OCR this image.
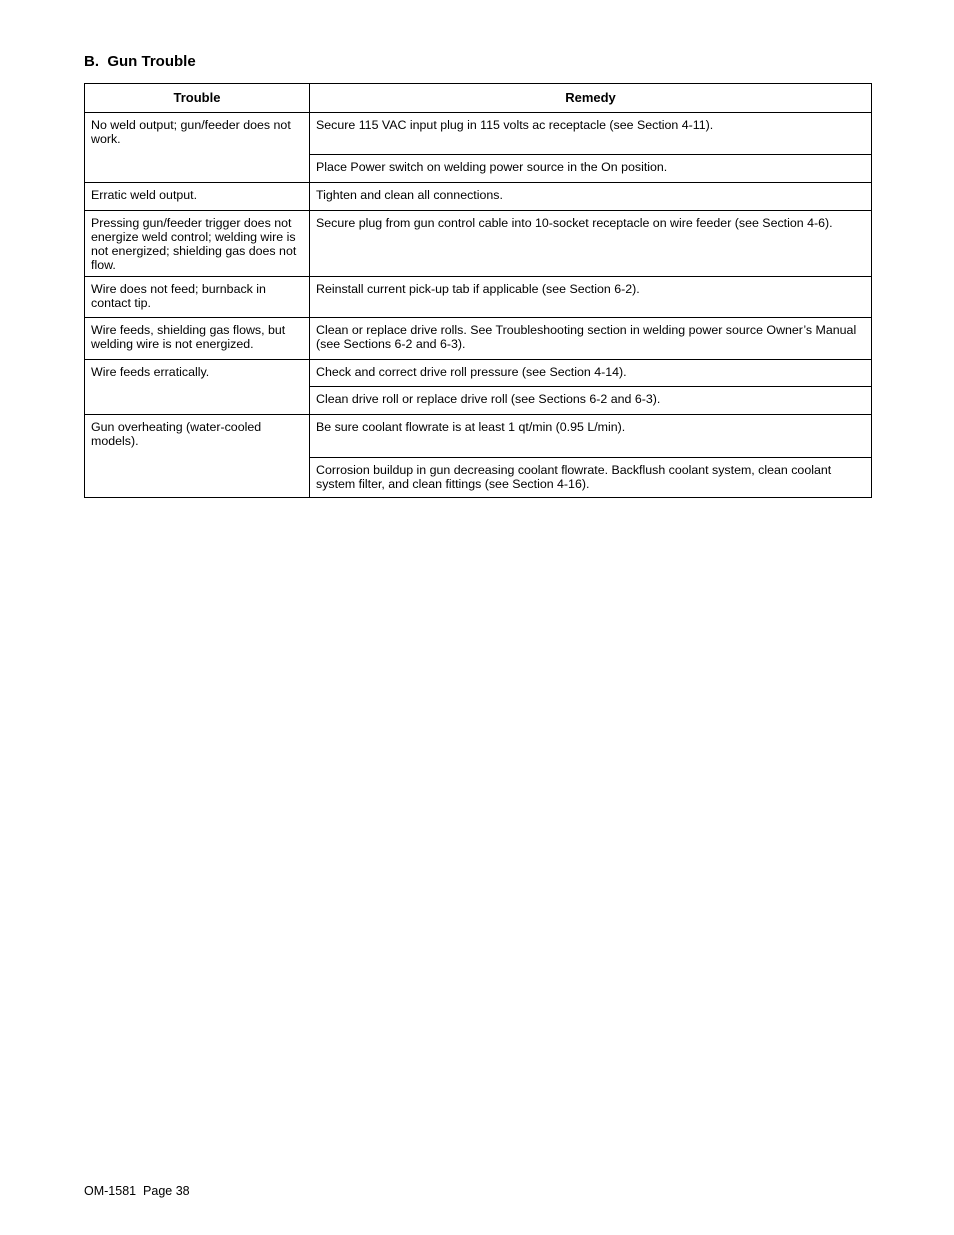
B.  Gun Trouble
Trouble	Remedy
No weld output; gun/feeder does not work.	Secure 115 VAC input plug in 115 volts ac receptacle (see Section 4-11).
	Place Power switch on welding power source in the On position.
Erratic weld output.	Tighten and clean all connections.
Pressing gun/feeder trigger does not energize weld control; welding wire is not energized; shielding gas does not flow.	Secure plug from gun control cable into 10-socket receptacle on wire feeder (see Section 4-6).
Wire does not feed; burnback in contact tip.	Reinstall current pick-up tab if applicable (see Section 6-2).
Wire feeds, shielding gas flows, but welding wire is not energized.	Clean or replace drive rolls. See Troubleshooting section in welding power source Owner’s Manual (see Sections 6-2 and 6-3).
Wire feeds erratically.	Check and correct drive roll pressure (see Section 4-14).
	Clean drive roll or replace drive roll (see Sections 6-2 and 6-3).
Gun overheating (water-cooled models).	Be sure coolant flowrate is at least 1 qt/min (0.95 L/min).
	Corrosion buildup in gun decreasing coolant flowrate. Backflush coolant system, clean coolant system filter, and clean fittings (see Section 4-16).
OM-1581  Page 38
